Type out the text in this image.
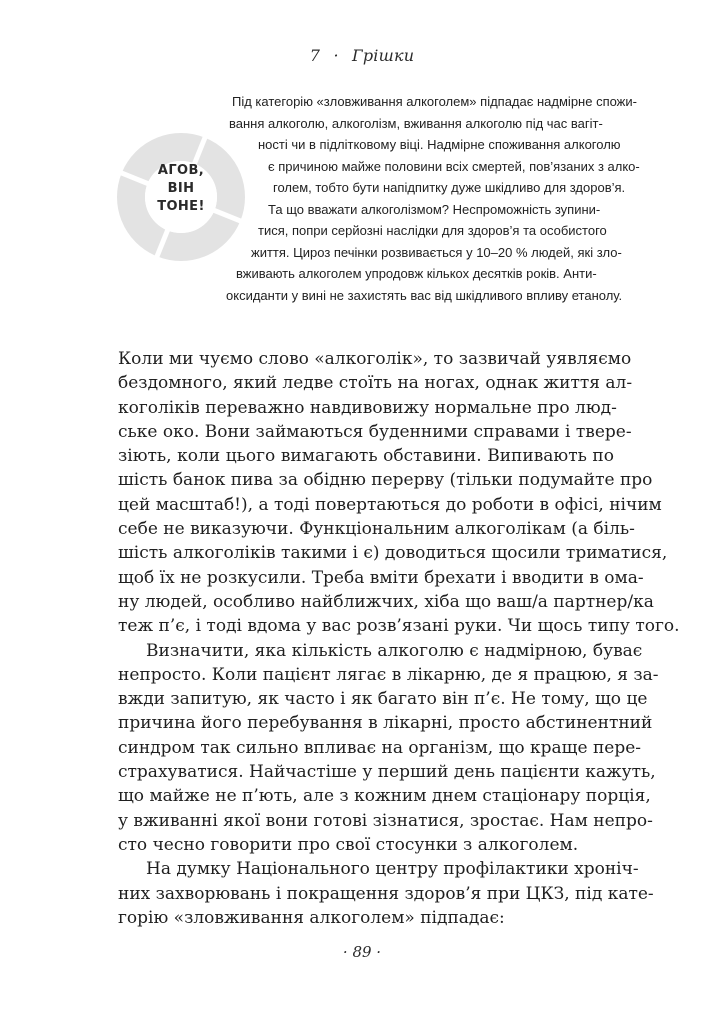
7 · Грішки
АГОВ,
ВІН
ТОНЕ!
Під категорію «зловживання алкоголем» підпадає надмірне спожи-
вання алкоголю, алкоголізм, вживання алкоголю під час вагіт-
ності чи в підлітковому віці. Надмірне споживання алкоголю
є причиною майже половини всіх смертей, пов’язаних з алко-
голем, тобто бути напідпитку дуже шкідливо для здоров’я.
Та що вважати алкоголізмом? Неспроможність зупини-
тися, попри серйозні наслідки для здоров’я та особистого
життя. Цироз печінки розвивається у 10–20 % людей, які зло-
вживають алкоголем упродовж кількох десятків років. Анти-
оксиданти у вині не захистять вас від шкідливого впливу етанолу.
Коли ми чуємо слово «алкоголік», то зазвичай уявляємо
бездомного, який ледве стоїть на ногах, однак життя ал-
коголіків переважно навдивовижу нормальне про люд-
ське око. Вони займаються буденними справами і твере-
зіють, коли цього вимагають обставини. Випивають по
шість банок пива за обідню перерву (тільки подумайте про
цей масштаб!), а тоді повертаються до роботи в офісі, нічим
себе не виказуючи. Функціональним алкоголікам (а біль-
шість алкоголіків такими і є) доводиться щосили триматися,
щоб їх не розкусили. Треба вміти брехати і вводити в ома-
ну людей, особливо найближчих, хіба що ваш/а партнер/ка
теж п’є, і тоді вдома у вас розв’язані руки. Чи щось типу того.
Визначити, яка кількість алкоголю є надмірною, буває
непросто. Коли пацієнт лягає в лікарню, де я працюю, я за-
вжди запитую, як часто і як багато він п’є. Не тому, що це
причина його перебування в лікарні, просто абстинентний
синдром так сильно впливає на організм, що краще пере-
страхуватися. Найчастіше у перший день пацієнти кажуть,
що майже не п’ють, але з кожним днем стаціонару порція,
у вживанні якої вони готові зізнатися, зростає. Нам непро-
сто чесно говорити про свої стосунки з алкоголем.
На думку Національного центру профілактики хроніч-
них захворювань і покращення здоров’я при ЦКЗ, під кате-
горію «зловживання алкоголем» підпадає:
· 89 ·
